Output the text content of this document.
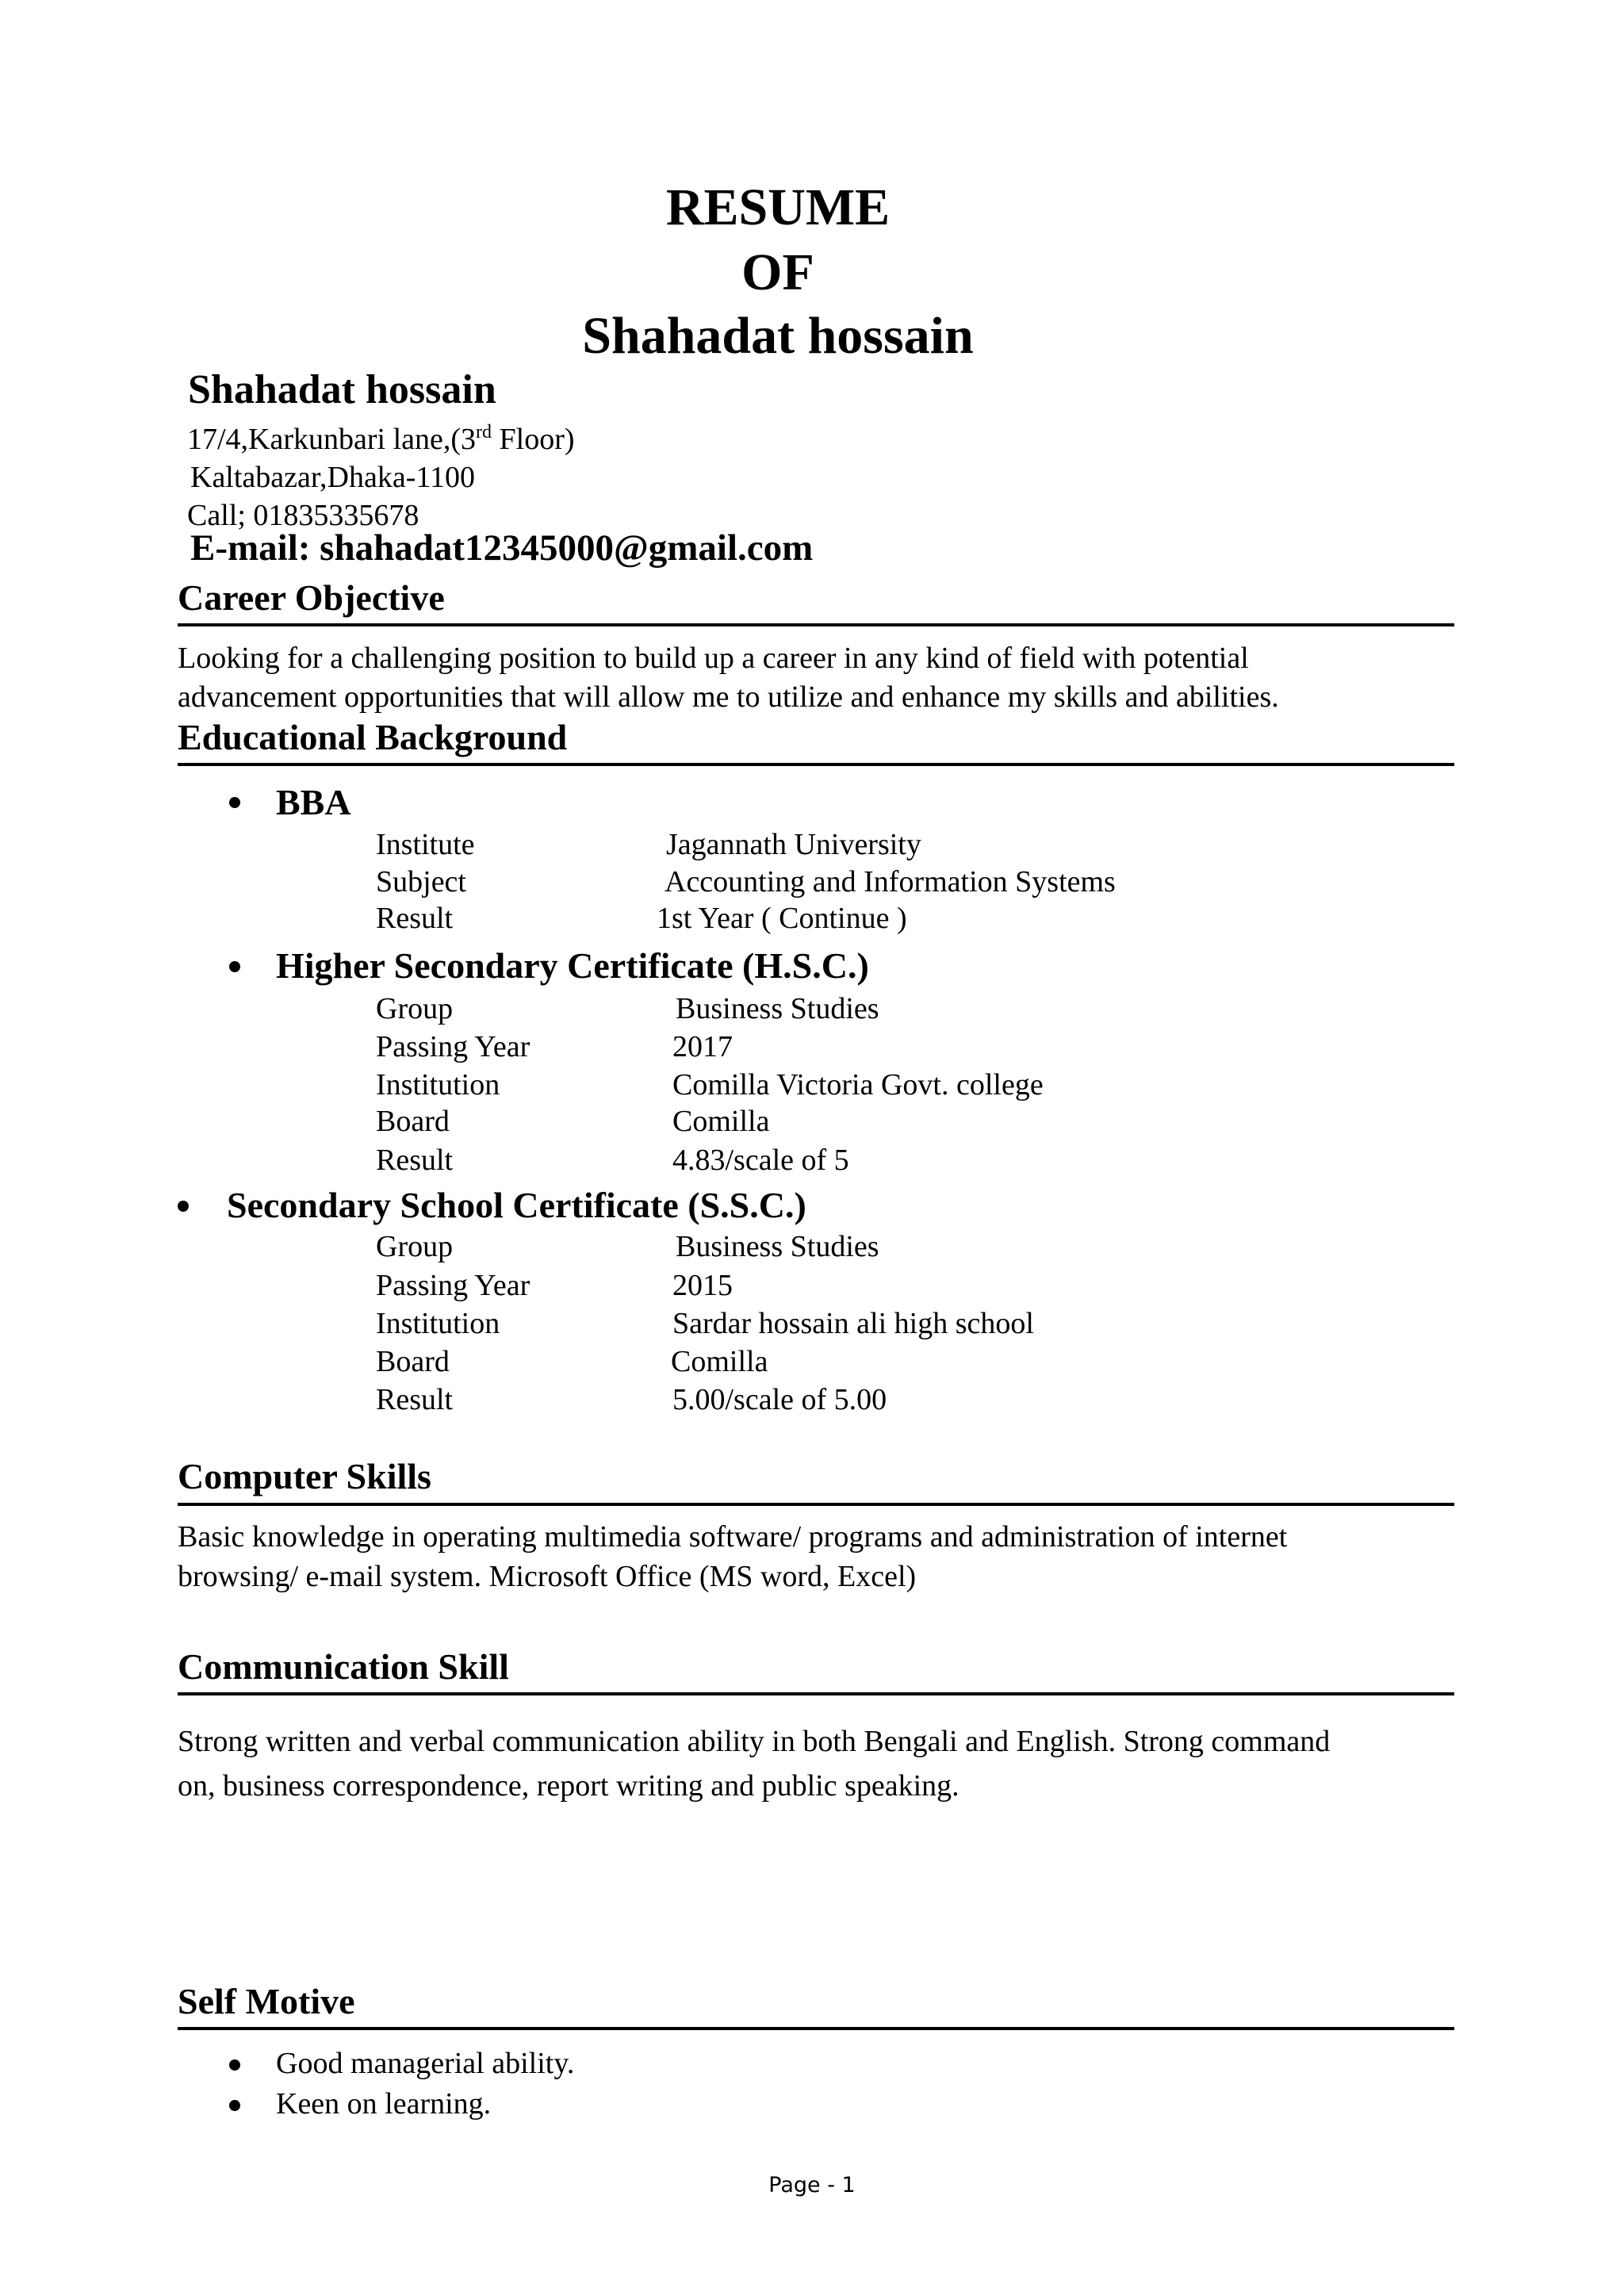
RESUME
OF
Shahadat hossain
Shahadat hossain
17/4,Karkunbari lane,(3rd Floor)
Kaltabazar,Dhaka-1100
Call; 01835335678
E-mail: shahadat12345000@gmail.com
Career Objective
Looking for a challenging position to build up a career in any kind of field with potential
advancement opportunities that will allow me to utilize and enhance my skills and abilities.
Educational Background
BBA
Institute	Jagannath University
Subject	Accounting and Information Systems
Result	1st Year ( Continue )
Higher Secondary Certificate (H.S.C.)
Group	Business Studies
Passing Year	2017
Institution	Comilla Victoria Govt. college
Board	Comilla
Result	4.83/scale of 5
Secondary School Certificate (S.S.C.)
Group	Business Studies
Passing Year	2015
Institution	Sardar hossain ali high school
Board	Comilla
Result	5.00/scale of 5.00
Computer Skills
Basic knowledge in operating multimedia software/ programs and administration of internet
browsing/ e-mail system. Microsoft Office (MS word, Excel)
Communication Skill
Strong written and verbal communication ability in both Bengali and English. Strong command
on, business correspondence, report writing and public speaking.
Self Motive
Good managerial ability.
Keen on learning.
Page - 1
